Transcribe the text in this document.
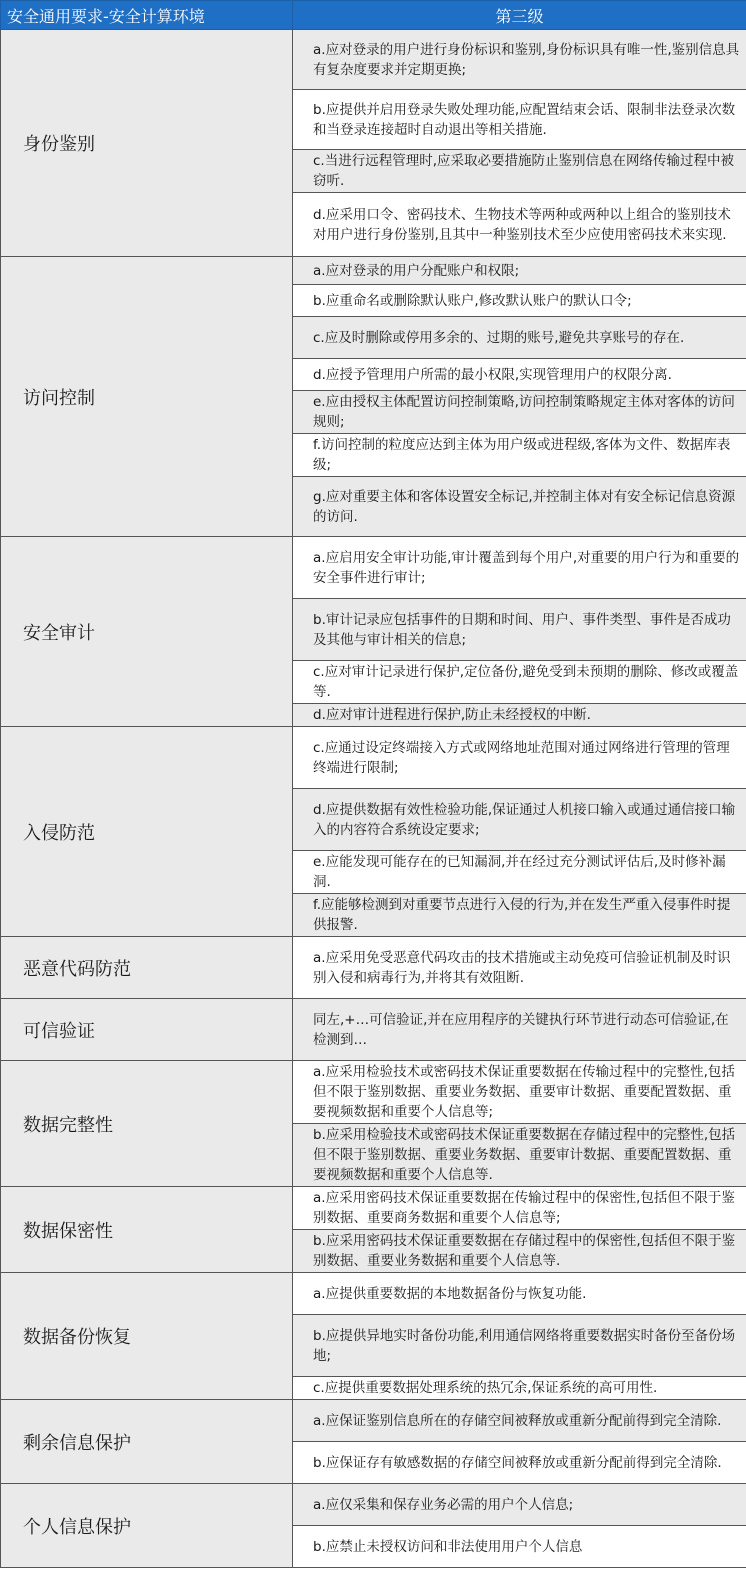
安全通用要求-安全计算环境	第三级
身份鉴别	a.应对登录的用户进行身份标识和鉴别,身份标识具有唯一性,鉴别信息具有复杂度要求并定期更换;
	b.应提供并启用登录失败处理功能,应配置结束会话、限制非法登录次数和当登录连接超时自动退出等相关措施.
	c.当进行远程管理时,应采取必要措施防止鉴别信息在网络传输过程中被窃听.
	d.应采用口令、密码技术、生物技术等两种或两种以上组合的鉴别技术对用户进行身份鉴别,且其中一种鉴别技术至少应使用密码技术来实现.
访问控制	a.应对登录的用户分配账户和权限;
	b.应重命名或删除默认账户,修改默认账户的默认口令;
	c.应及时删除或停用多余的、过期的账号,避免共享账号的存在.
	d.应授予管理用户所需的最小权限,实现管理用户的权限分离.
	e.应由授权主体配置访问控制策略,访问控制策略规定主体对客体的访问规则;
	f.访问控制的粒度应达到主体为用户级或进程级,客体为文件、数据库表级;
	g.应对重要主体和客体设置安全标记,并控制主体对有安全标记信息资源的访问.
安全审计	a.应启用安全审计功能,审计覆盖到每个用户,对重要的用户行为和重要的安全事件进行审计;
	b.审计记录应包括事件的日期和时间、用户、事件类型、事件是否成功及其他与审计相关的信息;
	c.应对审计记录进行保护,定位备份,避免受到未预期的删除、修改或覆盖等.
	d.应对审计进程进行保护,防止未经授权的中断.
入侵防范	c.应通过设定终端接入方式或网络地址范围对通过网络进行管理的管理终端进行限制;
	d.应提供数据有效性检验功能,保证通过人机接口输入或通过通信接口输入的内容符合系统设定要求;
	e.应能发现可能存在的已知漏洞,并在经过充分测试评估后,及时修补漏洞.
	f.应能够检测到对重要节点进行入侵的行为,并在发生严重入侵事件时提供报警.
恶意代码防范	a.应采用免受恶意代码攻击的技术措施或主动免疫可信验证机制及时识别入侵和病毒行为,并将其有效阻断.
可信验证	同左,+…可信验证,并在应用程序的关键执行环节进行动态可信验证,在检测到…
数据完整性	a.应采用检验技术或密码技术保证重要数据在传输过程中的完整性,包括但不限于鉴别数据、重要业务数据、重要审计数据、重要配置数据、重要视频数据和重要个人信息等;
	b.应采用检验技术或密码技术保证重要数据在存储过程中的完整性,包括但不限于鉴别数据、重要业务数据、重要审计数据、重要配置数据、重要视频数据和重要个人信息等.
数据保密性	a.应采用密码技术保证重要数据在传输过程中的保密性,包括但不限于鉴别数据、重要商务数据和重要个人信息等;
	b.应采用密码技术保证重要数据在存储过程中的保密性,包括但不限于鉴别数据、重要业务数据和重要个人信息等.
数据备份恢复	a.应提供重要数据的本地数据备份与恢复功能.
	b.应提供异地实时备份功能,利用通信网络将重要数据实时备份至备份场地;
	c.应提供重要数据处理系统的热冗余,保证系统的高可用性.
剩余信息保护	a.应保证鉴别信息所在的存储空间被释放或重新分配前得到完全清除.
	b.应保证存有敏感数据的存储空间被释放或重新分配前得到完全清除.
个人信息保护	a.应仅采集和保存业务必需的用户个人信息;
	b.应禁止未授权访问和非法使用用户个人信息
